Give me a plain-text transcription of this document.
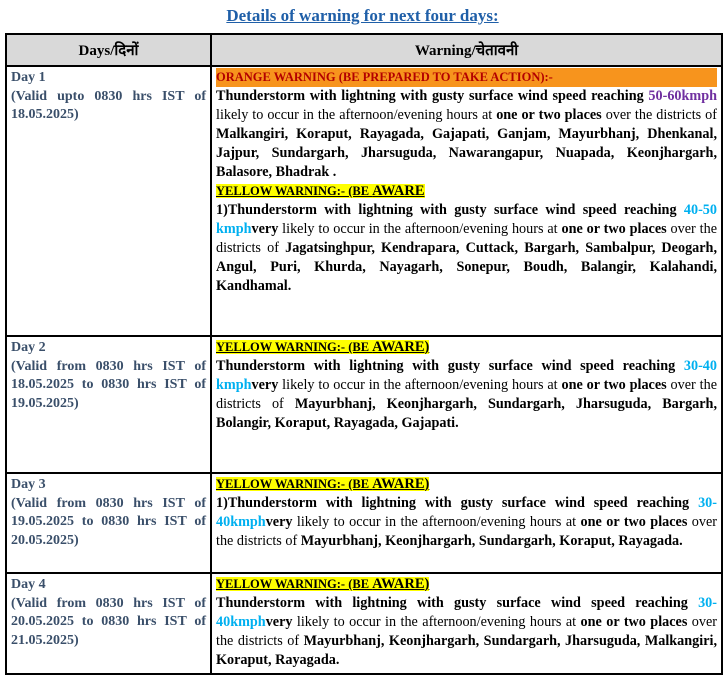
Details of warning for next four days:
Days/दिनों	Warning/चेतावनी
Day 1
(Valid upto 0830 hrs IST of 18.05.2025)	ORANGE WARNING (BE PREPARED TO TAKE ACTION):-
Thunderstorm with lightning with gusty surface wind speed reaching 50-60kmph likely to occur in the afternoon/evening hours at one or two places over the districts of Malkangiri, Koraput, Rayagada, Gajapati, Ganjam, Mayurbhanj, Dhenkanal, Jajpur, Sundargarh, Jharsuguda, Nawarangapur, Nuapada, Keonjhargarh, Balasore, Bhadrak .
YELLOW WARNING:- (BE AWARE
1)Thunderstorm with lightning with gusty surface wind speed reaching 40-50 kmphvery likely to occur in the afternoon/evening hours at one or two places over the districts of Jagatsinghpur, Kendrapara, Cuttack, Bargarh, Sambalpur, Deogarh, Angul, Puri, Khurda, Nayagarh, Sonepur, Boudh, Balangir, Kalahandi, Kandhamal.
Day 2
(Valid from 0830 hrs IST of 18.05.2025 to 0830 hrs IST of 19.05.2025)	YELLOW WARNING:- (BE AWARE)
Thunderstorm with lightning with gusty surface wind speed reaching 30-40 kmphvery likely to occur in the afternoon/evening hours at one or two places over the districts of Mayurbhanj, Keonjhargarh, Sundargarh, Jharsuguda, Bargarh, Bolangir, Koraput, Rayagada, Gajapati.
Day 3
(Valid from 0830 hrs IST of 19.05.2025 to 0830 hrs IST of 20.05.2025)	YELLOW WARNING:- (BE AWARE)
1)Thunderstorm with lightning with gusty surface wind speed reaching 30-40kmphvery likely to occur in the afternoon/evening hours at one or two places over the districts of Mayurbhanj, Keonjhargarh, Sundargarh, Koraput, Rayagada.
Day 4
(Valid from 0830 hrs IST of 20.05.2025 to 0830 hrs IST of 21.05.2025)	YELLOW WARNING:- (BE AWARE)
Thunderstorm with lightning with gusty surface wind speed reaching 30-40kmphvery likely to occur in the afternoon/evening hours at one or two places over the districts of Mayurbhanj, Keonjhargarh, Sundargarh, Jharsuguda, Malkangiri, Koraput, Rayagada.
